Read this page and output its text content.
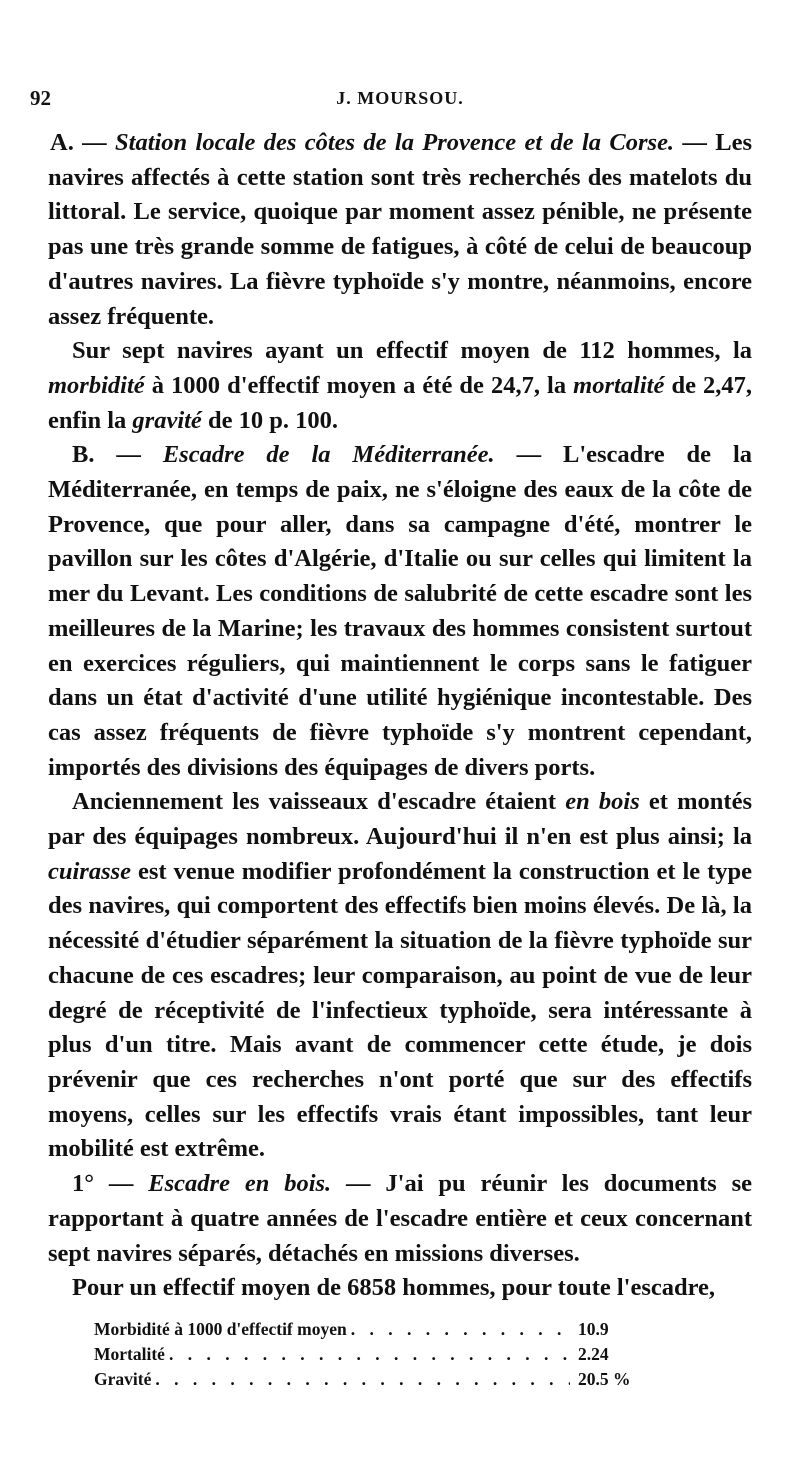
92	J. MOURSOU.

A. — Station locale des côtes de la Provence et de la Corse. — Les navires affectés à cette station sont très recherchés des matelots du littoral. Le service, quoique par moment assez pénible, ne présente pas une très grande somme de fatigues, à côté de celui de beaucoup d'autres navires. La fièvre typhoïde s'y montre, néanmoins, encore assez fréquente.

Sur sept navires ayant un effectif moyen de 112 hommes, la morbidité à 1000 d'effectif moyen a été de 24,7, la mortalité de 2,47, enfin la gravité de 10 p. 100.

B. — Escadre de la Méditerranée. — L'escadre de la Méditerranée, en temps de paix, ne s'éloigne des eaux de la côte de Provence, que pour aller, dans sa campagne d'été, montrer le pavillon sur les côtes d'Algérie, d'Italie ou sur celles qui limitent la mer du Levant. Les conditions de salubrité de cette escadre sont les meilleures de la Marine; les travaux des hommes consistent surtout en exercices réguliers, qui maintiennent le corps sans le fatiguer dans un état d'activité d'une utilité hygiénique incontestable. Des cas assez fréquents de fièvre typhoïde s'y montrent cependant, importés des divisions des équipages de divers ports.

Anciennement les vaisseaux d'escadre étaient en bois et montés par des équipages nombreux. Aujourd'hui il n'en est plus ainsi; la cuirasse est venue modifier profondément la construction et le type des navires, qui comportent des effectifs bien moins élevés. De là, la nécessité d'étudier séparément la situation de la fièvre typhoïde sur chacune de ces escadres; leur comparaison, au point de vue de leur degré de réceptivité de l'infectieux typhoïde, sera intéressante à plus d'un titre. Mais avant de commencer cette étude, je dois prévenir que ces recherches n'ont porté que sur des effectifs moyens, celles sur les effectifs vrais étant impossibles, tant leur mobilité est extrême.

1° — Escadre en bois. — J'ai pu réunir les documents se rapportant à quatre années de l'escadre entière et ceux concernant sept navires séparés, détachés en missions diverses.

Pour un effectif moyen de 6858 hommes, pour toute l'escadre,

Morbidité à 1000 d'effectif moyen . . .	10.9
Mortalité . . .	2.24
Gravité . . .	20.5 %
